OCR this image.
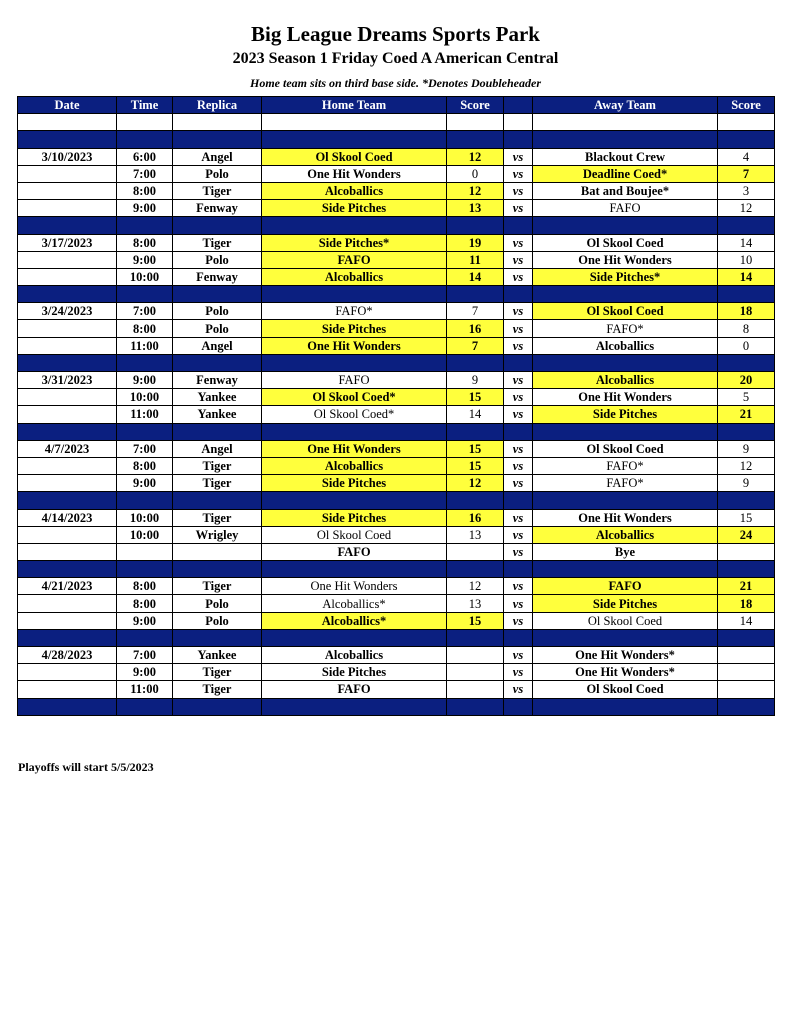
Big League Dreams Sports Park
2023 Season 1 Friday Coed A American Central
Home team sits on third base side. *Denotes Doubleheader
Date	Time	Replica	Home Team	Score		Away Team	Score

3/10/2023	6:00	Angel	Ol Skool Coed	12	vs	Blackout Crew	4
	7:00	Polo	One Hit Wonders	0	vs	Deadline Coed*	7
	8:00	Tiger	Alcoballics	12	vs	Bat and Boujee*	3
	9:00	Fenway	Side Pitches	13	vs	FAFO	12

3/17/2023	8:00	Tiger	Side Pitches*	19	vs	Ol Skool Coed	14
	9:00	Polo	FAFO	11	vs	One Hit Wonders	10
	10:00	Fenway	Alcoballics	14	vs	Side Pitches*	14

3/24/2023	7:00	Polo	FAFO*	7	vs	Ol Skool Coed	18
	8:00	Polo	Side Pitches	16	vs	FAFO*	8
	11:00	Angel	One Hit Wonders	7	vs	Alcoballics	0

3/31/2023	9:00	Fenway	FAFO	9	vs	Alcoballics	20
	10:00	Yankee	Ol Skool Coed*	15	vs	One Hit Wonders	5
	11:00	Yankee	Ol Skool Coed*	14	vs	Side Pitches	21

4/7/2023	7:00	Angel	One Hit Wonders	15	vs	Ol Skool Coed	9
	8:00	Tiger	Alcoballics	15	vs	FAFO*	12
	9:00	Tiger	Side Pitches	12	vs	FAFO*	9

4/14/2023	10:00	Tiger	Side Pitches	16	vs	One Hit Wonders	15
	10:00	Wrigley	Ol Skool Coed	13	vs	Alcoballics	24
			FAFO		vs	Bye	

4/21/2023	8:00	Tiger	One Hit Wonders	12	vs	FAFO	21
	8:00	Polo	Alcoballics*	13	vs	Side Pitches	18
	9:00	Polo	Alcoballics*	15	vs	Ol Skool Coed	14

4/28/2023	7:00	Yankee	Alcoballics		vs	One Hit Wonders*	
	9:00	Tiger	Side Pitches		vs	One Hit Wonders*	
	11:00	Tiger	FAFO		vs	Ol Skool Coed	

Playoffs will start 5/5/2023
